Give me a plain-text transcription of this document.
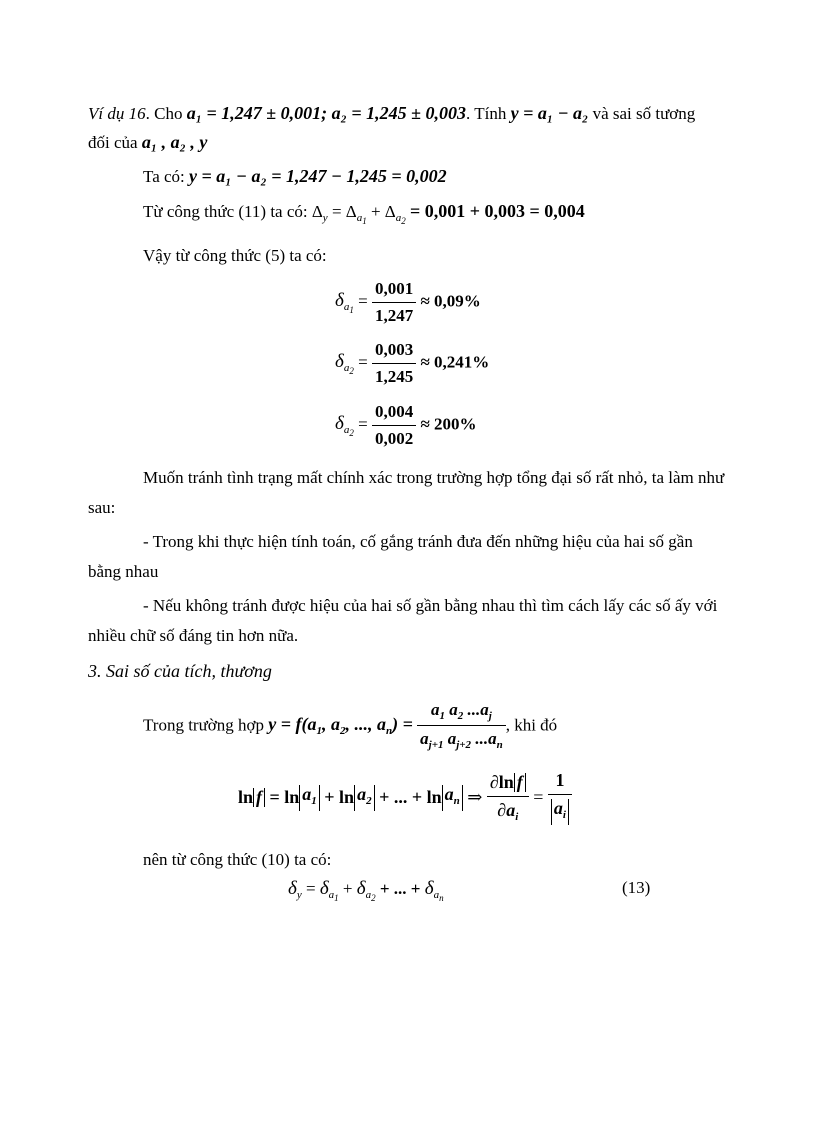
Ví dụ 16. Cho a₁ = 1,247 ± 0,001; a₂ = 1,245 ± 0,003. Tính y = a₁ − a₂ và sai số tương
đối của a₁ , a₂ , y
Ta có: y = a₁ − a₂ = 1,247 − 1,245 = 0,002
Từ công thức (11) ta có: $\Delta_y = \Delta_{a_1} + \Delta_{a_2} = 0,001 + 0,003 = 0,004$
Vậy từ công thức (5) ta có:
$\delta_{a_1} = \frac{0,001}{1,247} \approx 0,09\%$
$\delta_{a_2} = \frac{0,003}{1,245} \approx 0,241\%$
$\delta_{a_2} = \frac{0,004}{0,002} \approx 200\%$
Muốn tránh tình trạng mất chính xác trong trường hợp tổng đại số rất nhỏ, ta làm như
sau:
- Trong khi thực hiện tính toán, cố gắng tránh đưa đến những hiệu của hai số gần
bằng nhau
- Nếu không tránh được hiệu của hai số gần bằng nhau thì tìm cách lấy các số ấy với
nhiều chữ số đáng tin hơn nữa.
3. Sai số của tích, thương
Trong trường hợp $y = f(a_1$, $a_2$, ..., $a_n) = \frac{a_1 a_2 ...a_j}{a_{j+1} a_{j+2} ...a_n}$ , khi đó
$\ln f = \ln a_1 + \ln a_2$ + ... + $\ln a_n$ ⇒ $\frac{\text{∂ln f}}{\partial a_i} = \frac{1}{a_i}$
nên từ công thức (10) ta có:
$\delta_y = \delta_{a_1} + \delta_{a_2}$ + ... + $\delta_{a_n}$
(13)
